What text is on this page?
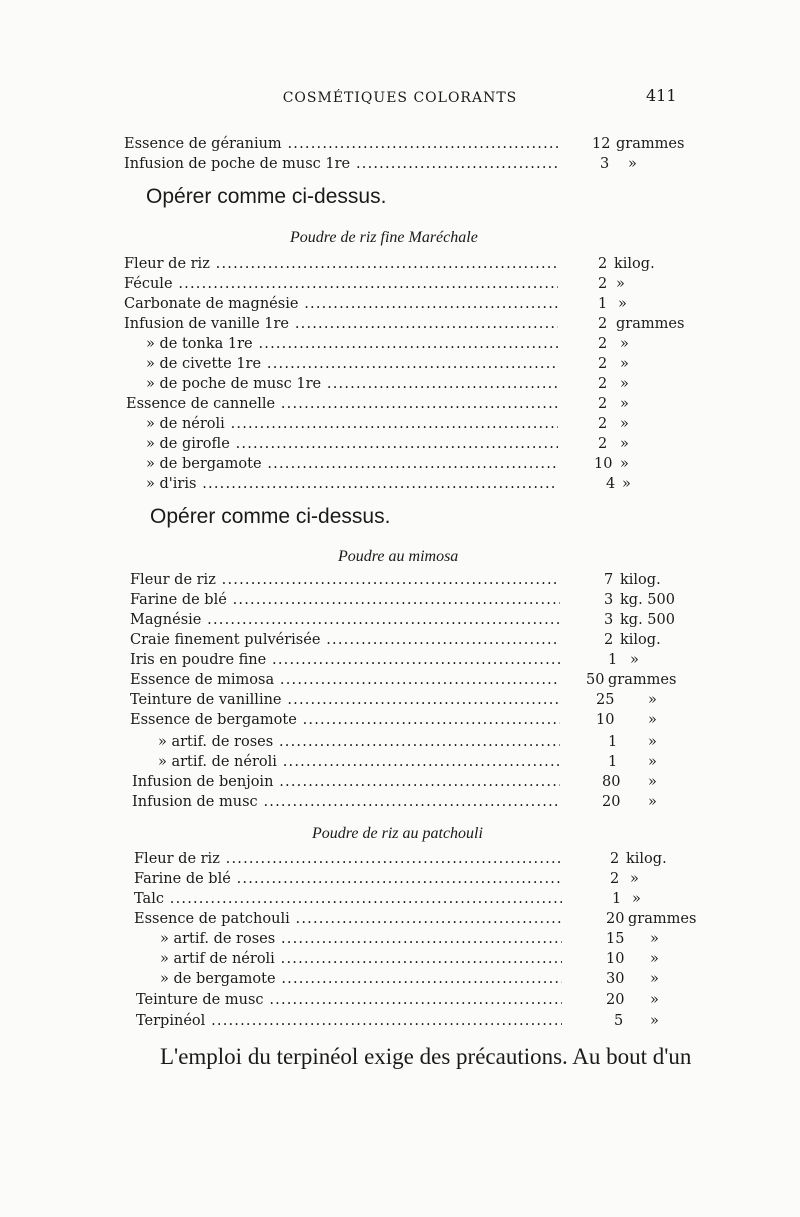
COSMÉTIQUES COLORANTS	411
Essence de géranium .....	12 grammes
Infusion de poche de musc 1re .....	3 »
Opérer comme ci-dessus.
Poudre de riz fine Maréchale
Fleur de riz .....	2 kilog.
Fécule .....	2 »
Carbonate de magnésie .....	1 »
Infusion de vanille 1re .....	2 grammes
» de tonka 1re .....	2 »
» de civette 1re .....	2 »
» de poche de musc 1re .....	2 »
Essence de cannelle .....	2 »
» de néroli .....	2 »
» de girofle .....	2 »
» de bergamote .....	10 »
» d'iris .....	4 »
Opérer comme ci-dessus.
Poudre au mimosa
Fleur de riz .....	7 kilog.
Farine de blé .....	3 kg. 500
Magnésie .....	3 kg. 500
Craie finement pulvérisée .....	2 kilog.
Iris en poudre fine .....	1 »
Essence de mimosa .....	50 grammes
Teinture de vanilline .....	25 »
Essence de bergamote .....	10 »
» artif. de roses .....	1 »
» artif. de néroli .....	1 »
Infusion de benjoin .....	80 »
Infusion de musc .....	20 »
Poudre de riz au patchouli
Fleur de riz .....	2 kilog.
Farine de blé .....	2 »
Talc .....	1 »
Essence de patchouli .....	20 grammes
» artif. de roses .....	15 »
» artif de néroli .....	10 »
» de bergamote .....	30 »
Teinture de musc .....	20 »
Terpinéol .....	5 »
L'emploi du terpinéol exige des précautions. Au bout d'un
